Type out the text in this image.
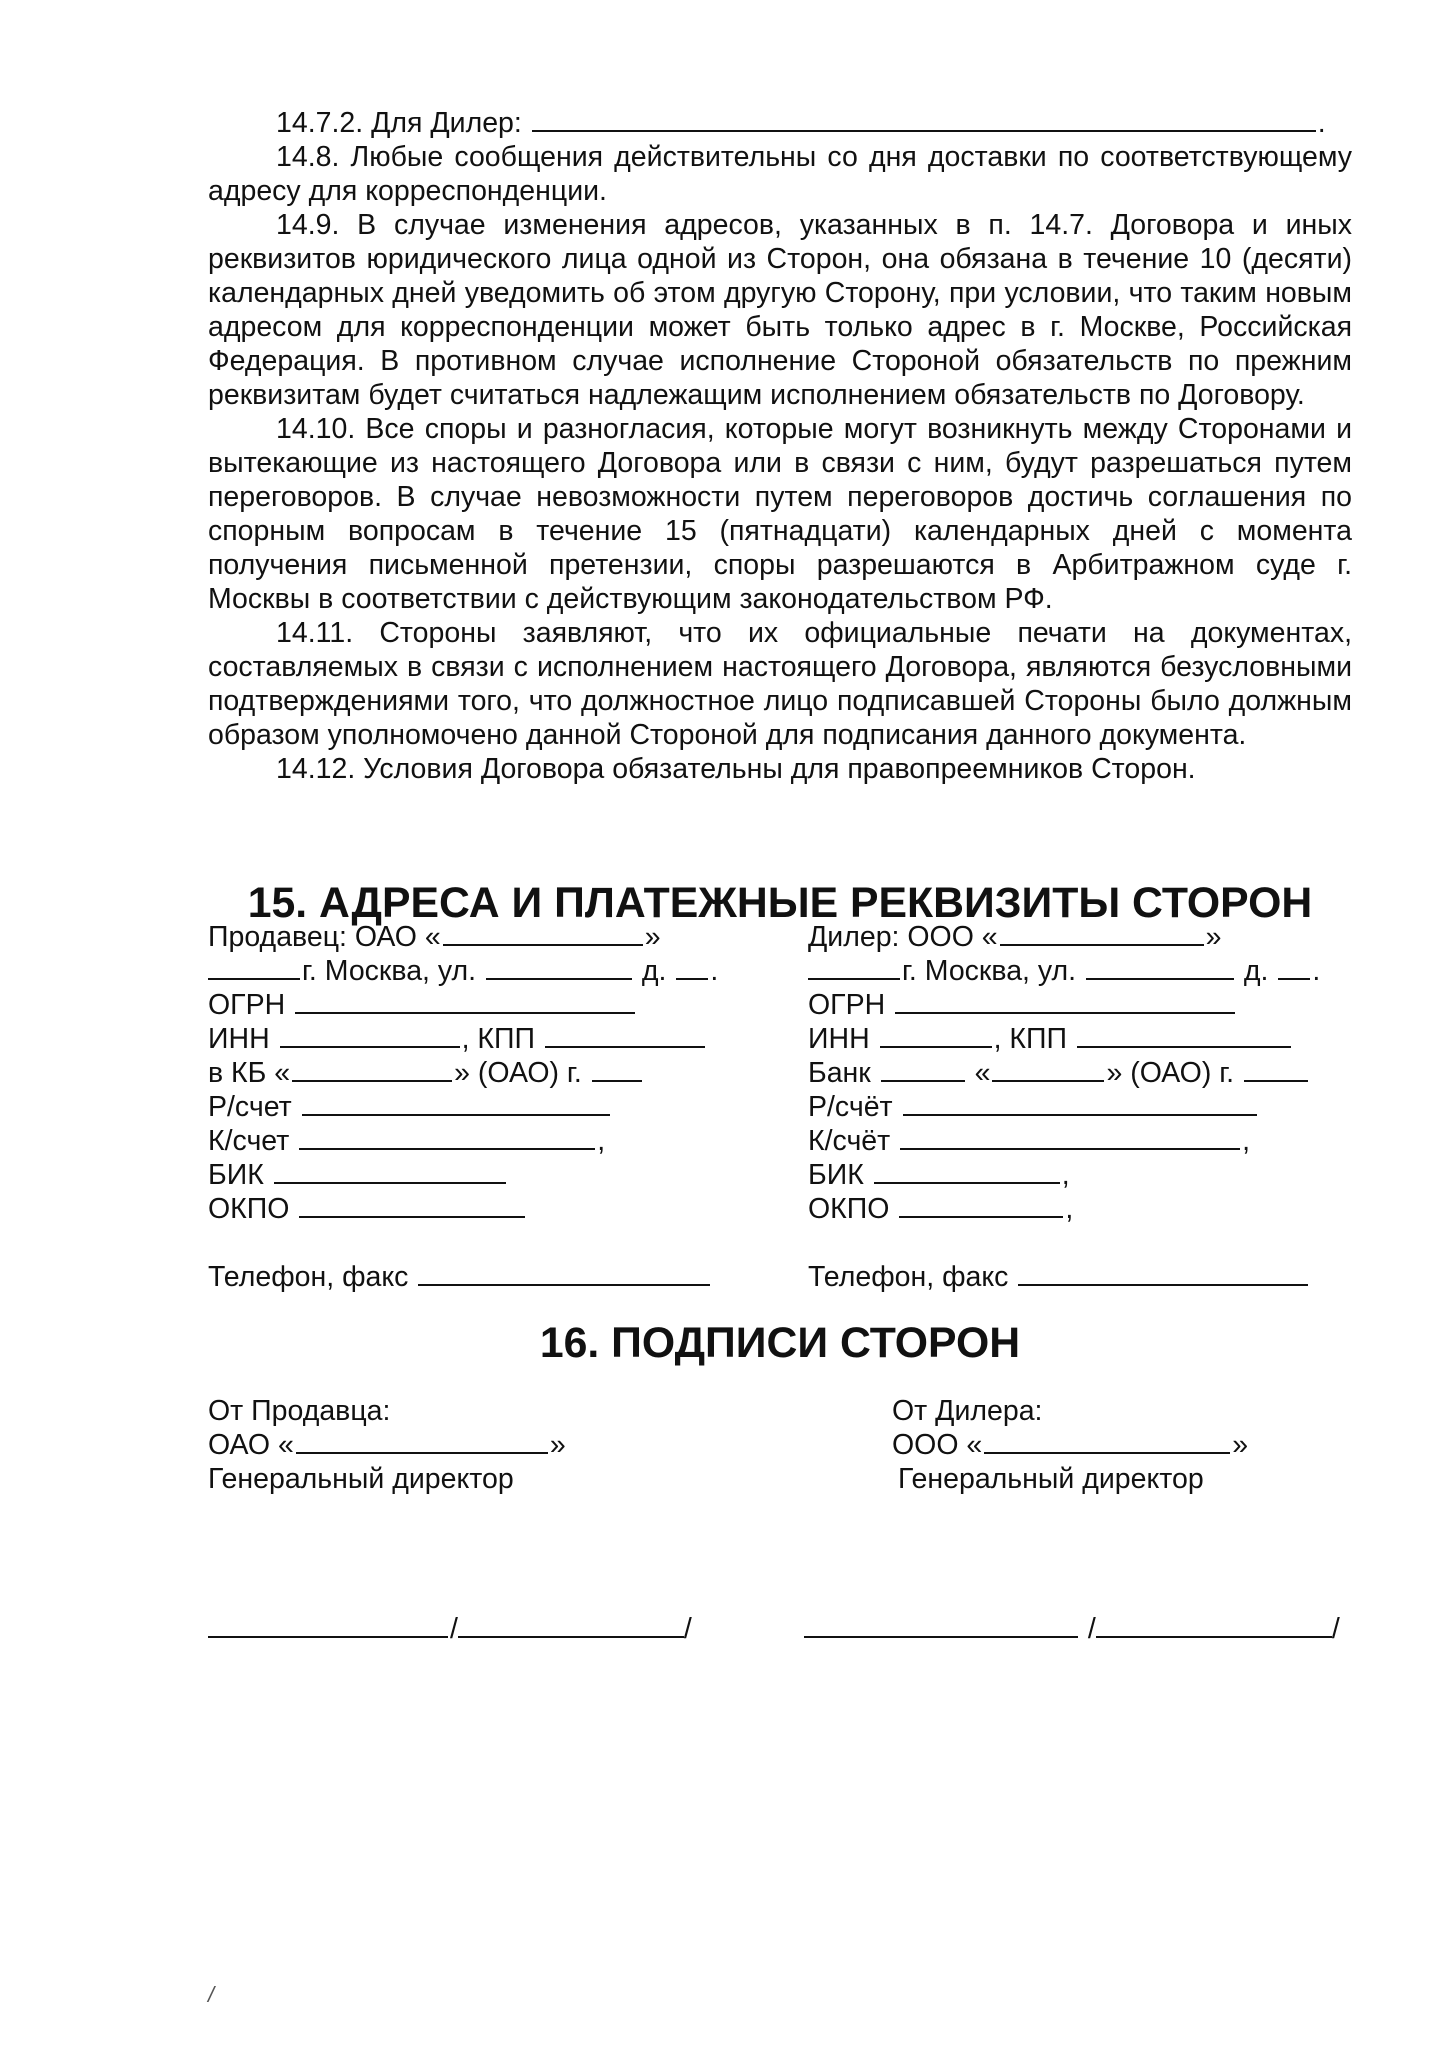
14.7.2. Для Дилер:	.

14.8. Любые сообщения действительны со дня доставки по соответствующему адресу для корреспонденции.

14.9. В случае изменения адресов, указанных в п. 14.7. Договора и иных реквизитов юридического лица одной из Сторон, она обязана в течение 10 (десяти) календарных дней уведомить об этом другую Сторону, при условии, что таким новым адресом для корреспонденции может быть только адрес в г. Москве, Российская Федерация. В противном случае исполнение Стороной обязательств по прежним реквизитам будет считаться надлежащим исполнением обязательств по Договору.

14.10. Все споры и разногласия, которые могут возникнуть между Сторонами и вытекающие из настоящего Договора или в связи с ним, будут разрешаться путем переговоров. В случае невозможности путем переговоров достичь соглашения по спорным вопросам в течение 15 (пятнадцати) календарных дней с момента получения письменной претензии, споры разрешаются в Арбитражном суде г. Москвы в соответствии с действующим законодательством РФ.

14.11. Стороны заявляют, что их официальные печати на документах, составляемых в связи с исполнением настоящего Договора, являются безусловными подтверждениями того, что должностное лицо подписавшей Стороны было должным образом уполномочено данной Стороной для подписания данного документа.

14.12. Условия Договора обязательны для правопреемников Сторон.

15. АДРЕСА И ПЛАТЕЖНЫЕ РЕКВИЗИТЫ СТОРОН
Продавец: ОАО «	»
г. Москва, ул.	д. .
ОГРН
ИНН	, КПП
в КБ «	» (ОАО) г.
Р/счет
К/счет	,
БИК
ОКПО
Телефон, факс
Дилер: ООО «	»
г. Москва, ул.	д. .
ОГРН
ИНН	, КПП
Банк	«	» (ОАО) г.
Р/счёт
К/счёт	,
БИК	,
ОКПО	,
Телефон, факс
16. ПОДПИСИ СТОРОН
От Продавца:
ОАО «	»
Генеральный директор
От Дилера:
ООО «	»
Генеральный директор
/	/	/	/
/
